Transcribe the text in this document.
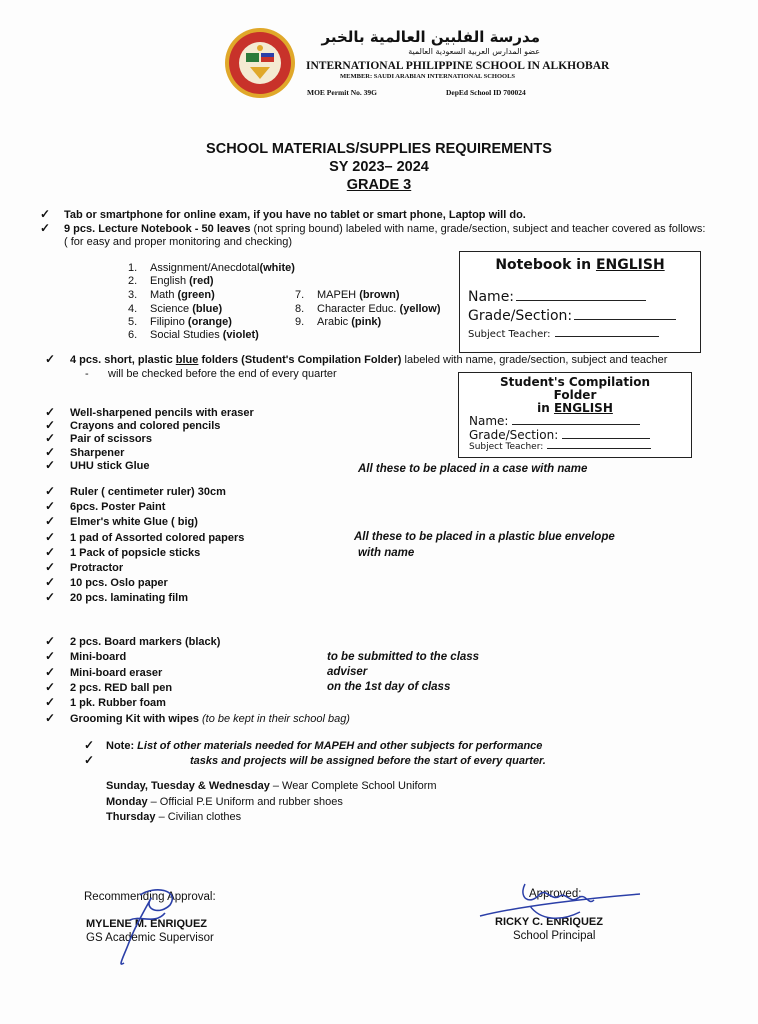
مدرسة الفلبين العالمية بالخبر
عضو المدارس العربية السعودية العالمية
INTERNATIONAL PHILIPPINE SCHOOL IN ALKHOBAR
MEMBER: SAUDI ARABIAN INTERNATIONAL SCHOOLS
MOE Permit No. 39G	DepEd School ID 700024
SCHOOL MATERIALS/SUPPLIES REQUIREMENTS
SY 2023– 2024
GRADE 3
✓ Tab or smartphone for online exam, if you have no tablet or smart phone, Laptop will do.
✓ 9 pcs. Lecture Notebook - 50 leaves (not spring bound) labeled with name, grade/section, subject and teacher covered as follows:
( for easy and proper monitoring and checking)
1. Assignment/Anecdotal(white)
2. English (red)
3. Math (green)
4. Science (blue)
5. Filipino (orange)
6. Social Studies (violet)
7. MAPEH (brown)
8. Character Educ. (yellow)
9. Arabic (pink)
Notebook in ENGLISH
Name:
Grade/Section:
Subject Teacher:
✓ 4 pcs. short, plastic blue folders (Student's Compilation Folder) labeled with name, grade/section, subject and teacher
- will be checked before the end of every quarter
Student's Compilation
Folder
in ENGLISH
Name:
Grade/Section:
Subject Teacher:
✓ Well-sharpened pencils with eraser
✓ Crayons and colored pencils
✓ Pair of scissors
✓ Sharpener
✓ UHU stick Glue
✓ Ruler ( centimeter ruler) 30cm
✓ 6pcs. Poster Paint
✓ Elmer's white Glue ( big)
✓ 1 pad of Assorted colored papers
✓ 1 Pack of popsicle sticks
✓ Protractor
✓ 10 pcs. Oslo paper
✓ 20 pcs. laminating film
✓ 2 pcs. Board markers (black)
✓ Mini-board
✓ Mini-board eraser
✓ 2 pcs. RED ball pen
✓ 1 pk. Rubber foam
All these to be placed in a case with name
All these to be placed in a plastic blue envelope
with name
to be submitted to the class
adviser
on the 1st day of class
✓ Grooming Kit with wipes (to be kept in their school bag)
✓
✓
Note: List of other materials needed for MAPEH and other subjects for performance
tasks and projects will be assigned before the start of every quarter.
Sunday, Tuesday & Wednesday – Wear Complete School Uniform
Monday – Official P.E Uniform and rubber shoes
Thursday – Civilian clothes
Recommending Approval:
MYLENE M. ENRIQUEZ
GS Academic Supervisor
Approved:
RICKY C. ENRIQUEZ
School Principal
